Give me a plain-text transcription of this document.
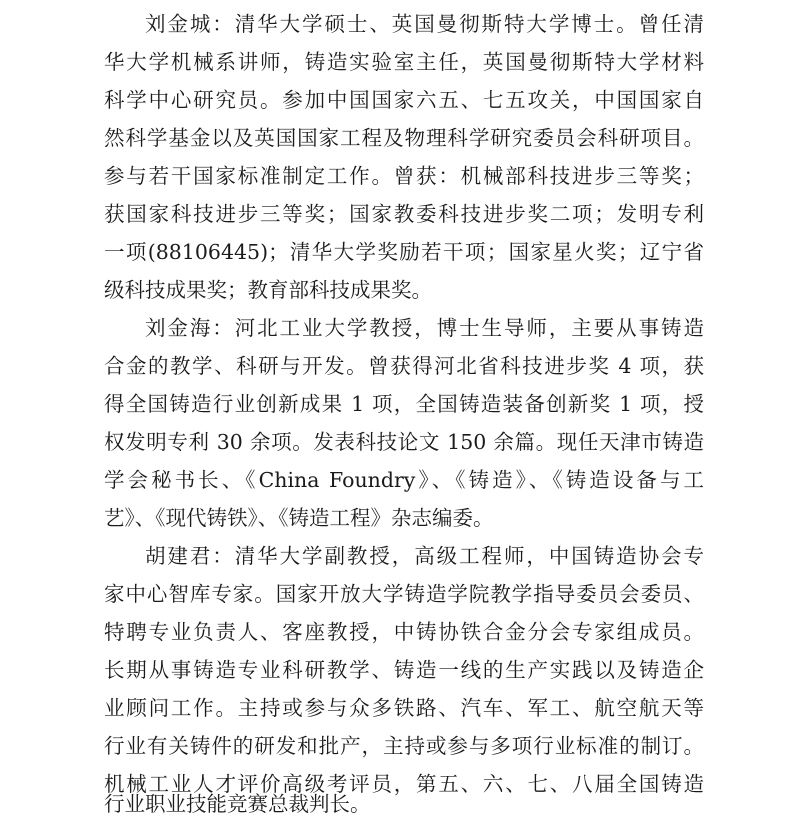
刘金城：清华大学硕士、英国曼彻斯特大学博士。曾任清
华大学机械系讲师，铸造实验室主任，英国曼彻斯特大学材料
科学中心研究员。参加中国国家六五、七五攻关，中国国家自
然科学基金以及英国国家工程及物理科学研究委员会科研项目。
参与若干国家标准制定工作。曾获：机械部科技进步三等奖；
获国家科技进步三等奖；国家教委科技进步奖二项；发明专利
一项(88106445)；清华大学奖励若干项；国家星火奖；辽宁省
级科技成果奖；教育部科技成果奖。
刘金海：河北工业大学教授，博士生导师，主要从事铸造
合金的教学、科研与开发。曾获得河北省科技进步奖 4 项，获
得全国铸造行业创新成果 1 项，全国铸造装备创新奖 1 项，授
权发明专利 30 余项。发表科技论文 150 余篇。现任天津市铸造
学会秘书长、《China Foundry》、《铸造》、《铸造设备与工
艺》、《现代铸铁》、《铸造工程》杂志编委。
胡建君：清华大学副教授，高级工程师，中国铸造协会专
家中心智库专家。国家开放大学铸造学院教学指导委员会委员、
特聘专业负责人、客座教授，中铸协铁合金分会专家组成员。
长期从事铸造专业科研教学、铸造一线的生产实践以及铸造企
业顾问工作。主持或参与众多铁路、汽车、军工、航空航天等
行业有关铸件的研发和批产，主持或参与多项行业标准的制订。
机械工业人才评价高级考评员，第五、六、七、八届全国铸造
行业职业技能竞赛总裁判长。
